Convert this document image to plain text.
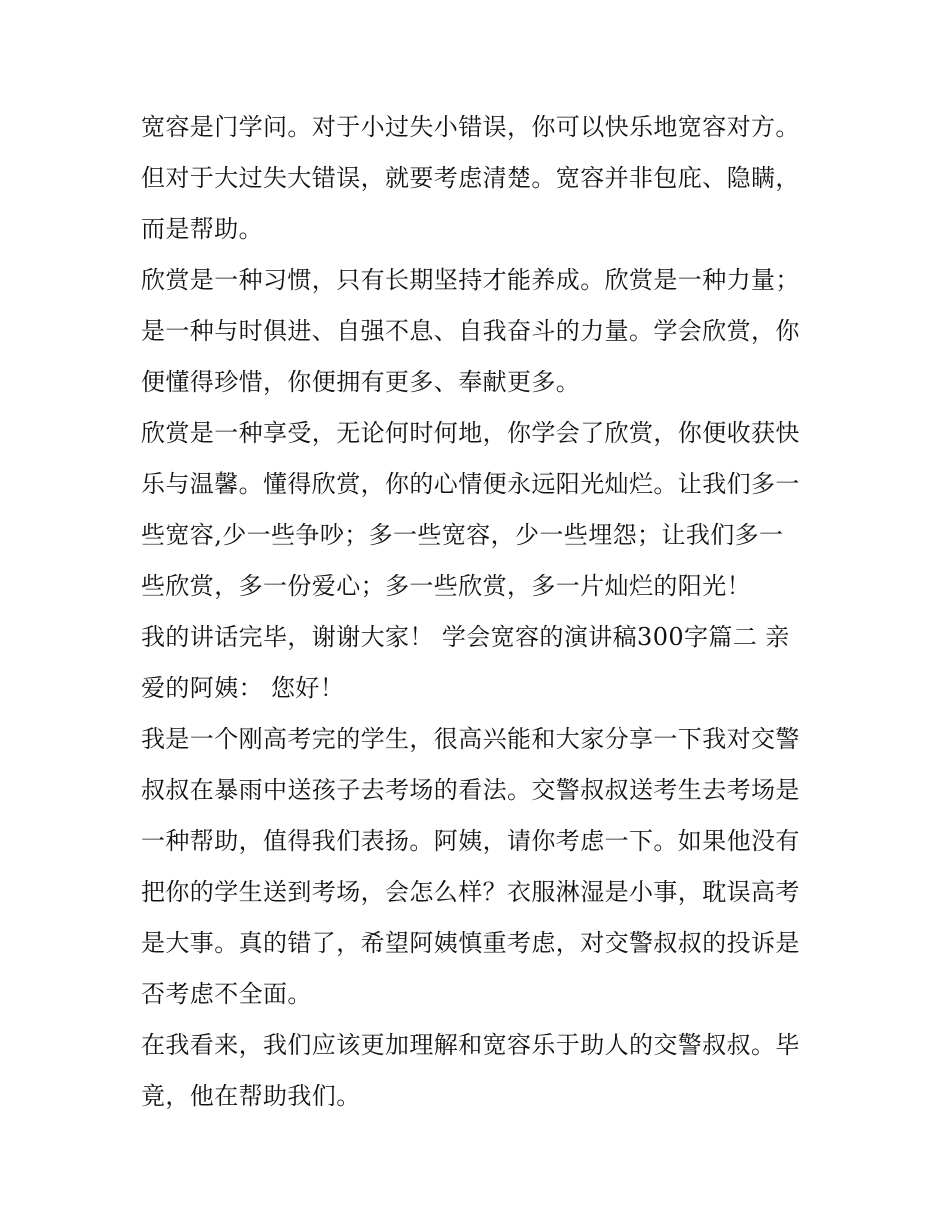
宽容是门学问。对于小过失小错误，你可以快乐地宽容对方。
但对于大过失大错误，就要考虑清楚。宽容并非包庇、隐瞒，
而是帮助。
欣赏是一种习惯，只有长期坚持才能养成。欣赏是一种力量；
是一种与时俱进、自强不息、自我奋斗的力量。学会欣赏，你
便懂得珍惜，你便拥有更多、奉献更多。
欣赏是一种享受，无论何时何地，你学会了欣赏，你便收获快
乐与温馨。懂得欣赏，你的心情便永远阳光灿烂。让我们多一
些宽容,少一些争吵；多一些宽容，少一些埋怨；让我们多一
些欣赏，多一份爱心；多一些欣赏，多一片灿烂的阳光！
我的讲话完毕，谢谢大家！ 学会宽容的演讲稿300字篇二 亲
爱的阿姨： 您好！
我是一个刚高考完的学生，很高兴能和大家分享一下我对交警
叔叔在暴雨中送孩子去考场的看法。交警叔叔送考生去考场是
一种帮助，值得我们表扬。阿姨，请你考虑一下。如果他没有
把你的学生送到考场，会怎么样？衣服淋湿是小事，耽误高考
是大事。真的错了，希望阿姨慎重考虑，对交警叔叔的投诉是
否考虑不全面。
在我看来，我们应该更加理解和宽容乐于助人的交警叔叔。毕
竟，他在帮助我们。
